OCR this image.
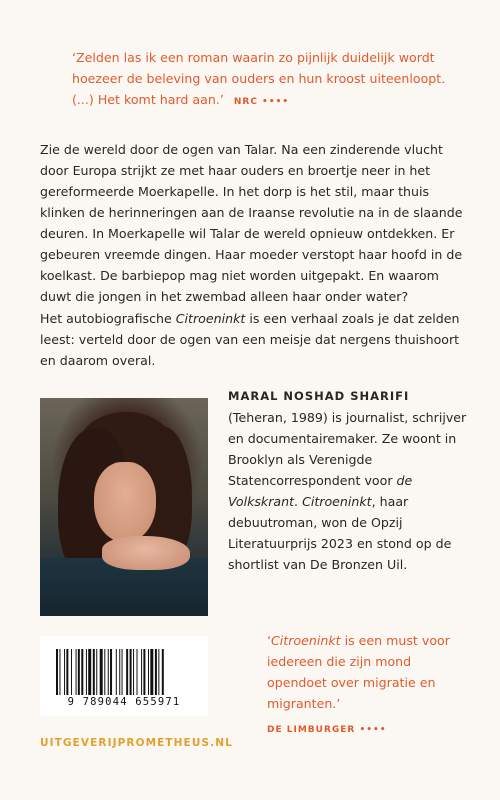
‘Zelden las ik een roman waarin zo pijnlijk duidelijk wordt hoezeer de beleving van ouders en hun kroost uiteenloopt. (...) Het komt hard aan.’ NRC ••••
Zie de wereld door de ogen van Talar. Na een zinderende vlucht door Europa strijkt ze met haar ouders en broertje neer in het gereformeerde Moerkapelle. In het dorp is het stil, maar thuis klinken de herinneringen aan de Iraanse revolutie na in de slaande deuren. In Moerkapelle wil Talar de wereld opnieuw ontdekken. Er gebeuren vreemde dingen. Haar moeder verstopt haar hoofd in de koelkast. De barbiepop mag niet worden uitgepakt. En waarom duwt die jongen in het zwembad alleen haar onder water?
Het autobiografische Citroeninkt is een verhaal zoals je dat zelden leest: verteld door de ogen van een meisje dat nergens thuishoort en daarom overal.
MARAL NOSHAD SHARIFI
(Teheran, 1989) is journalist, schrijver en documentairemaker. Ze woont in Brooklyn als Verenigde Statencorrespondent voor de Volkskrant. Citroeninkt, haar debuutroman, won de Opzij Literatuurprijs 2023 en stond op de shortlist van De Bronzen Uil.
9 789044 655971
‘Citroeninkt is een must voor iedereen die zijn mond opendoet over migratie en migranten.’
DE LIMBURGER ••••
UITGEVERIJPROMETHEUS.NL
